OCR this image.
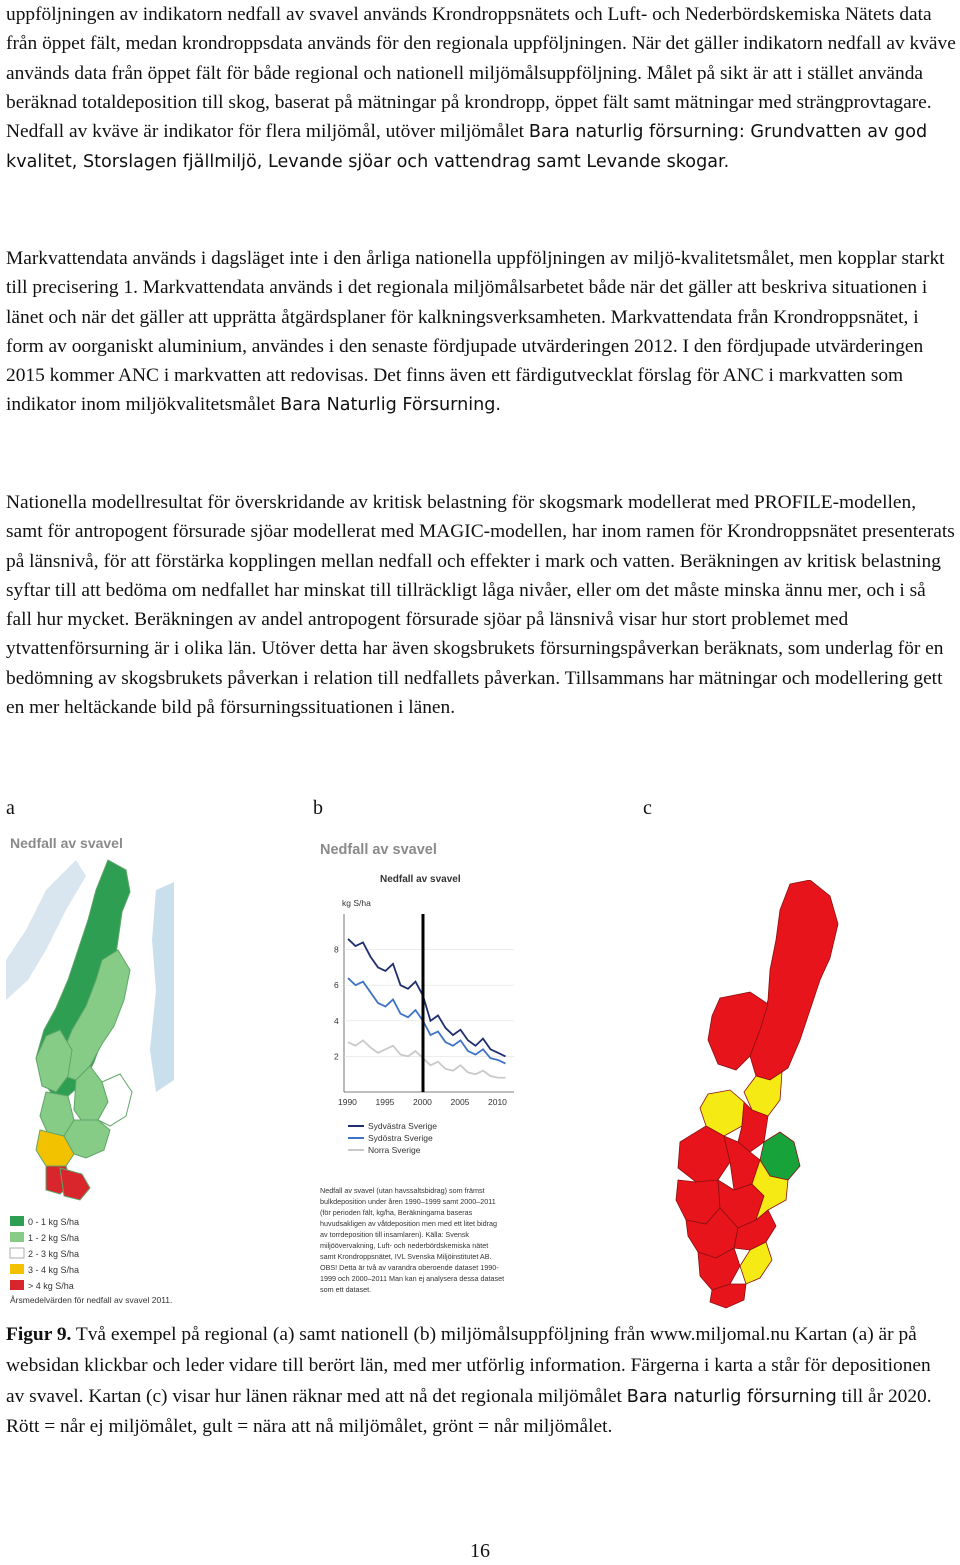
uppföljningen av indikatorn nedfall av svavel används Krondroppsnätets och Luft- och Nederbördskemiska Nätets data från öppet fält, medan krondroppsdata används för den regionala uppföljningen. När det gäller indikatorn nedfall av kväve används data från öppet fält för både regional och nationell miljömålsuppföljning. Målet på sikt är att i stället använda beräknad totaldeposition till skog, baserat på mätningar på krondropp, öppet fält samt mätningar med strängprovtagare. Nedfall av kväve är indikator för flera miljömål, utöver miljömålet Bara naturlig försurning: Grundvatten av god kvalitet, Storslagen fjällmiljö, Levande sjöar och vattendrag samt Levande skogar.

Markvattendata används i dagsläget inte i den årliga nationella uppföljningen av miljö-kvalitetsmålet, men kopplar starkt till precisering 1. Markvattendata används i det regionala miljömålsarbetet både när det gäller att beskriva situationen i länet och när det gäller att upprätta åtgärdsplaner för kalkningsverksamheten. Markvattendata från Krondroppsnätet, i form av oorganiskt aluminium, användes i den senaste fördjupade utvärderingen 2012. I den fördjupade utvärderingen 2015 kommer ANC i markvatten att redovisas. Det finns även ett färdigutvecklat förslag för ANC i markvatten som indikator inom miljökvalitetsmålet Bara Naturlig Försurning.

Nationella modellresultat för överskridande av kritisk belastning för skogsmark modellerat med PROFILE-modellen, samt för antropogent försurade sjöar modellerat med MAGIC-modellen, har inom ramen för Krondroppsnätet presenterats på länsnivå, för att förstärka kopplingen mellan nedfall och effekter i mark och vatten. Beräkningen av kritisk belastning syftar till att bedöma om nedfallet har minskat till tillräckligt låga nivåer, eller om det måste minska ännu mer, och i så fall hur mycket. Beräkningen av andel antropogent försurade sjöar på länsnivå visar hur stort problemet med ytvattenförsurning är i olika län. Utöver detta har även skogsbrukets försurningspåverkan beräknats, som underlag för en bedömning av skogsbrukets påverkan i relation till nedfallets påverkan. Tillsammans har mätningar och modellering gett en mer heltäckande bild på försurningssituationen i länen.

a	b	c
Nedfall av svavel
0 - 1 kg S/ha
1 - 2 kg S/ha
2 - 3 kg S/ha
3 - 4 kg S/ha
> 4 kg S/ha
Årsmedelvärden för nedfall av svavel 2011.
Nedfall av svavel
Nedfall av svavel
kg S/ha
2
4
6
8
1990 1995 2000 2005 2010
Sydvästra Sverige
Sydöstra Sverige
Norra Sverige
Nedfall av svavel (utan havssaltsbidrag) som främst
bulkdeposition under åren 1990–1999 samt 2000–2011
(för perioden fält, kg/ha, Beräkningarna baseras
huvudsakligen av våtdeposition men med ett litet bidrag
av torrdeposition till insamlaren). Källa: Svensk
miljöövervakning, Luft- och nederbördskemiska nätet
samt Krondroppsnätet, IVL Svenska Miljöinstitutet AB.
OBS! Detta är två av varandra oberoende dataset 1990-
1999 och 2000–2011 Man kan ej analysera dessa dataset
som ett dataset.

Figur 9. Två exempel på regional (a) samt nationell (b) miljömålsuppföljning från www.miljomal.nu Kartan (a) är på websidan klickbar och leder vidare till berört län, med mer utförlig information. Färgerna i karta a står för depositionen av svavel. Kartan (c) visar hur länen räknar med att nå det regionala miljömålet Bara naturlig försurning till år 2020. Rött = når ej miljömålet, gult = nära att nå miljömålet, grönt = når miljömålet.

16
